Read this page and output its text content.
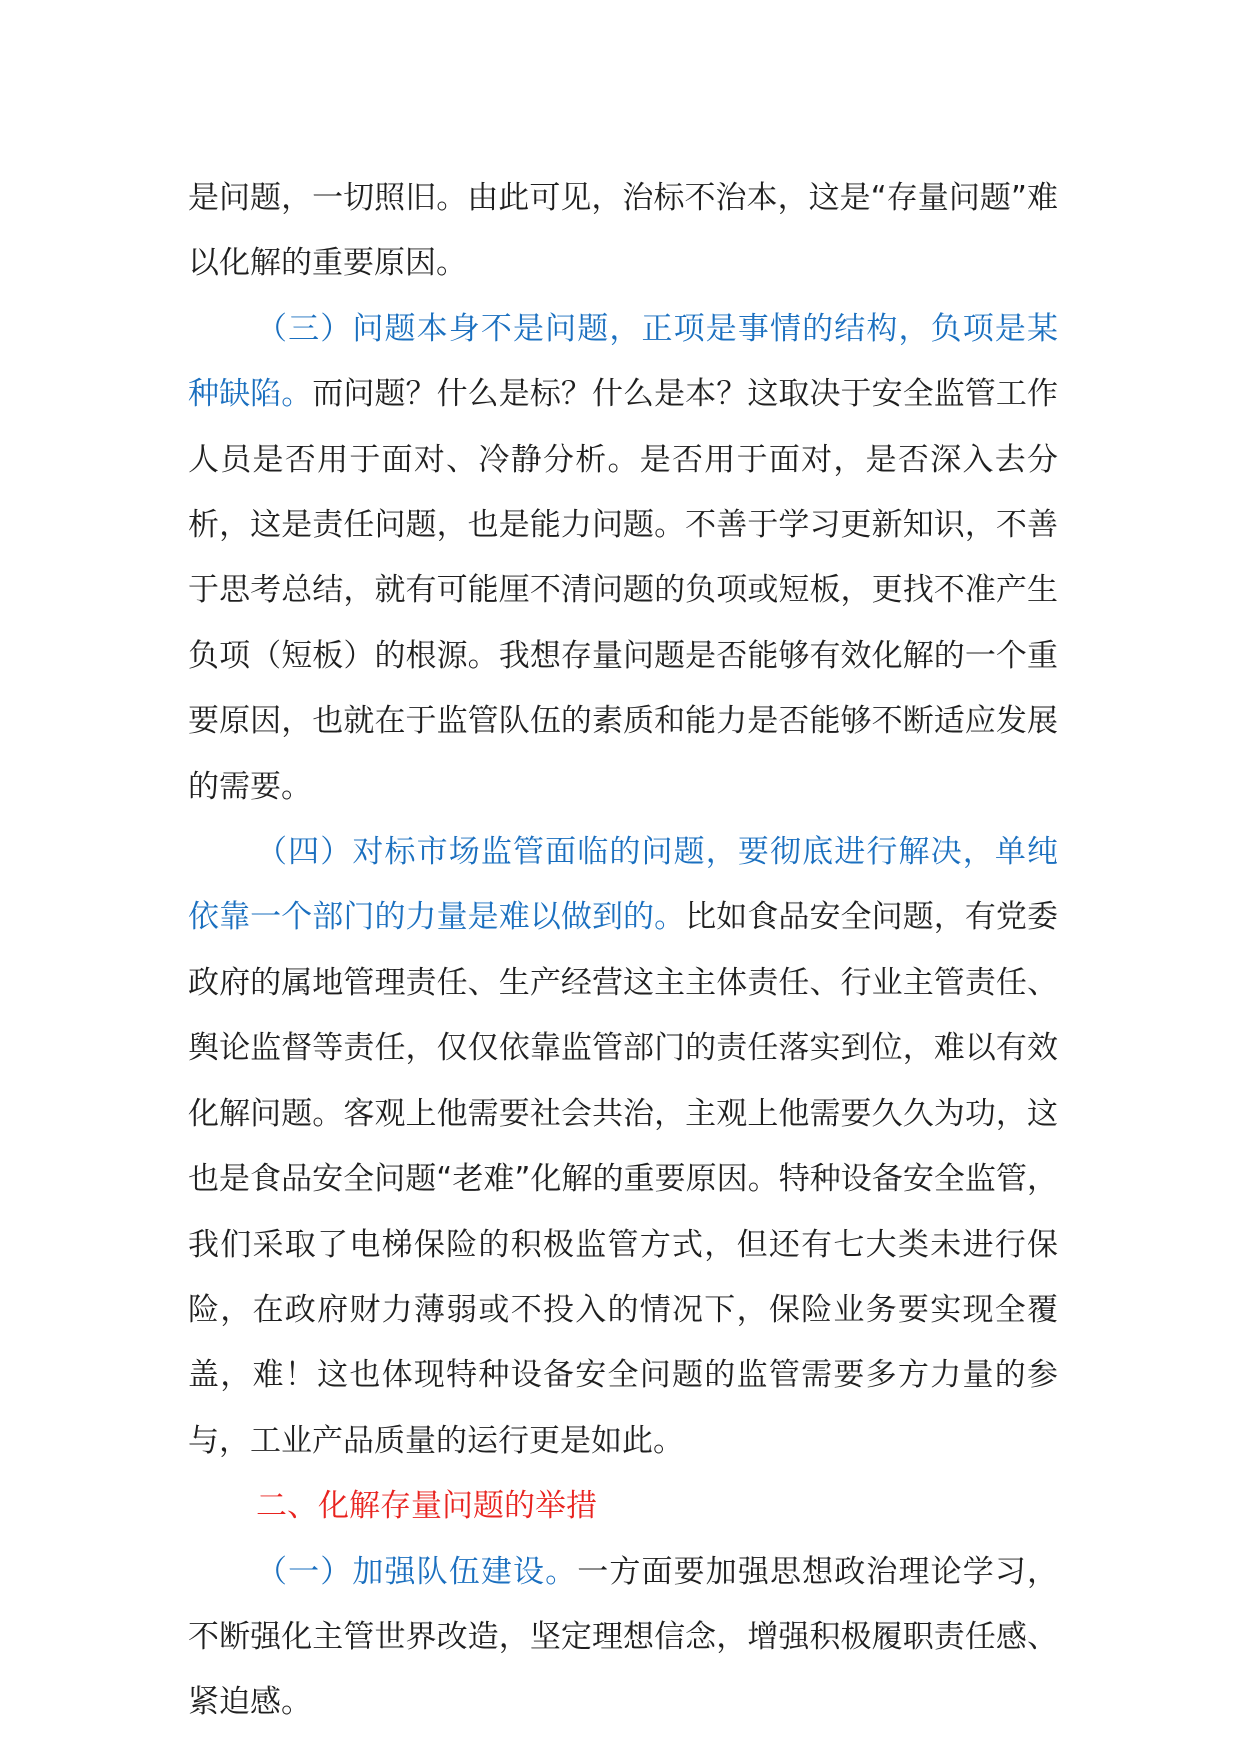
是问题，一切照旧。由此可见，治标不治本，这是“存量问题”难以化解的重要原因。

（三）问题本身不是问题，正项是事情的结构，负项是某种缺陷。而问题？什么是标？什么是本？这取决于安全监管工作人员是否用于面对、冷静分析。是否用于面对，是否深入去分析，这是责任问题，也是能力问题。不善于学习更新知识，不善于思考总结，就有可能厘不清问题的负项或短板，更找不准产生负项（短板）的根源。我想存量问题是否能够有效化解的一个重要原因，也就在于监管队伍的素质和能力是否能够不断适应发展的需要。

（四）对标市场监管面临的问题，要彻底进行解决，单纯依靠一个部门的力量是难以做到的。比如食品安全问题，有党委政府的属地管理责任、生产经营这主主体责任、行业主管责任、舆论监督等责任，仅仅依靠监管部门的责任落实到位，难以有效化解问题。客观上他需要社会共治，主观上他需要久久为功，这也是食品安全问题“老难”化解的重要原因。特种设备安全监管，我们采取了电梯保险的积极监管方式，但还有七大类未进行保险，在政府财力薄弱或不投入的情况下，保险业务要实现全覆盖，难！这也体现特种设备安全问题的监管需要多方力量的参与，工业产品质量的运行更是如此。

二、化解存量问题的举措

（一）加强队伍建设。一方面要加强思想政治理论学习，不断强化主管世界改造，坚定理想信念，增强积极履职责任感、紧迫感。
